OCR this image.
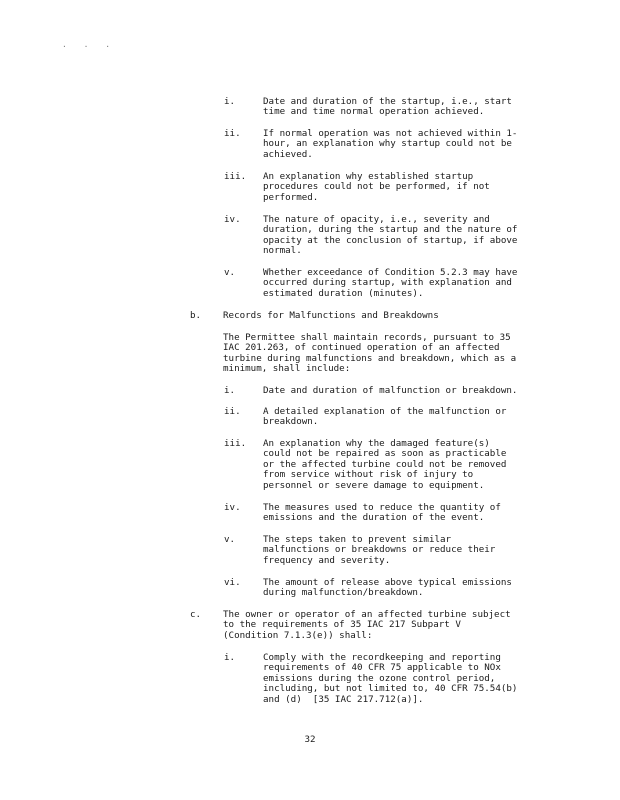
. . .
i.	Date and duration of the startup, i.e., start
time and time normal operation achieved.
ii. If normal operation was not achieved within 1-
hour, an explanation why startup could not be
achieved.
iii. An explanation why established startup
procedures could not be performed, if not
performed.
iv. The nature of opacity, i.e., severity and
duration, during the startup and the nature of
opacity at the conclusion of startup, if above
normal.
v.	Whether exceedance of Condition 5.2.3 may have
occurred during startup, with explanation and
estimated duration (minutes).
b. Records for Malfunctions and Breakdowns
The Permittee shall maintain records, pursuant to 35
IAC 201.263, of continued operation of an affected
turbine during malfunctions and breakdown, which as a
minimum, shall include:
i.	Date and duration of malfunction or breakdown.
ii. A detailed explanation of the malfunction or
breakdown.
iii. An explanation why the damaged feature(s)
could not be repaired as soon as practicable
or the affected turbine could not be removed
from service without risk of injury to
personnel or severe damage to equipment.
iv. The measures used to reduce the quantity of
emissions and the duration of the event.
v.	The steps taken to prevent similar
malfunctions or breakdowns or reduce their
frequency and severity.
vi. The amount of release above typical emissions
during malfunction/breakdown.
c. The owner or operator of an affected turbine subject
to the requirements of 35 IAC 217 Subpart V
(Condition 7.1.3(e)) shall:
i.	Comply with the recordkeeping and reporting
requirements of 40 CFR 75 applicable to NOx
emissions during the ozone control period,
including, but not limited to, 40 CFR 75.54(b)
and (d)  [35 IAC 217.712(a)].
32
